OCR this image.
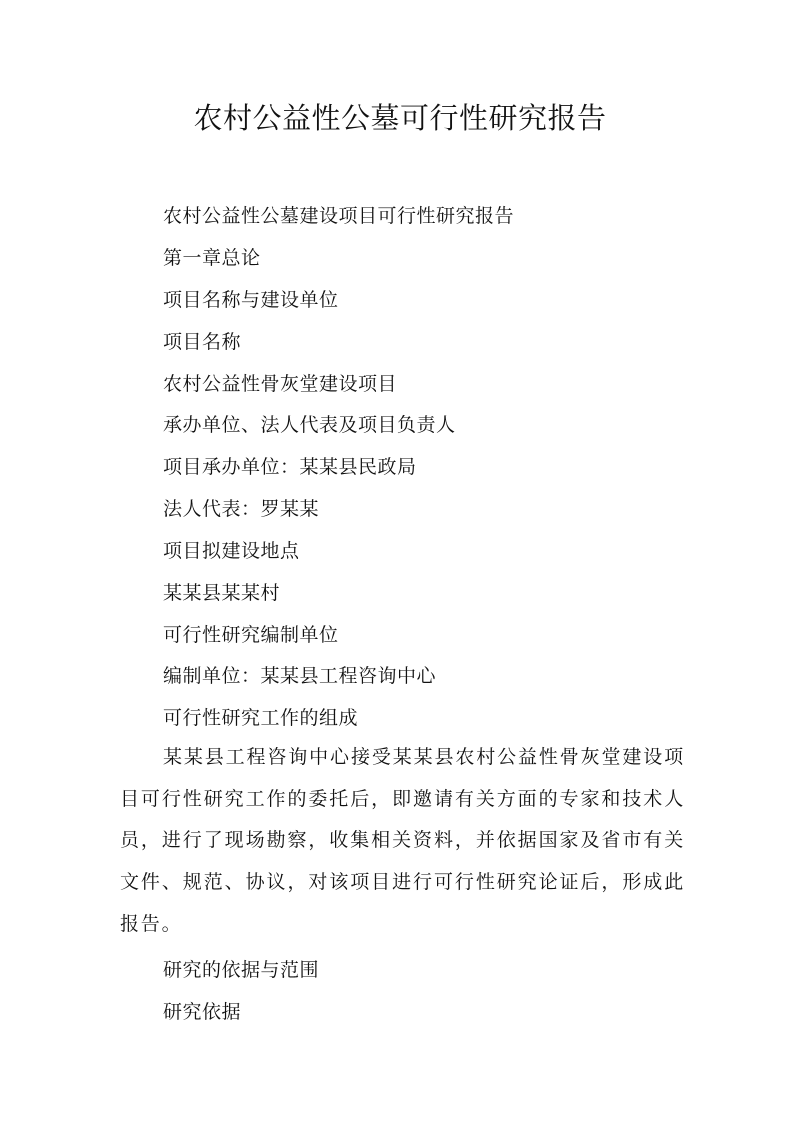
农村公益性公墓可行性研究报告
农村公益性公墓建设项目可行性研究报告
第一章总论
项目名称与建设单位
项目名称
农村公益性骨灰堂建设项目
承办单位、法人代表及项目负责人
项目承办单位：某某县民政局
法人代表：罗某某
项目拟建设地点
某某县某某村
可行性研究编制单位
编制单位：某某县工程咨询中心
可行性研究工作的组成

某某县工程咨询中心接受某某县农村公益性骨灰堂建设项目可行性研究工作的委托后，即邀请有关方面的专家和技术人员，进行了现场勘察，收集相关资料，并依据国家及省市有关文件、规范、协议，对该项目进行可行性研究论证后，形成此报告。

研究的依据与范围
研究依据
